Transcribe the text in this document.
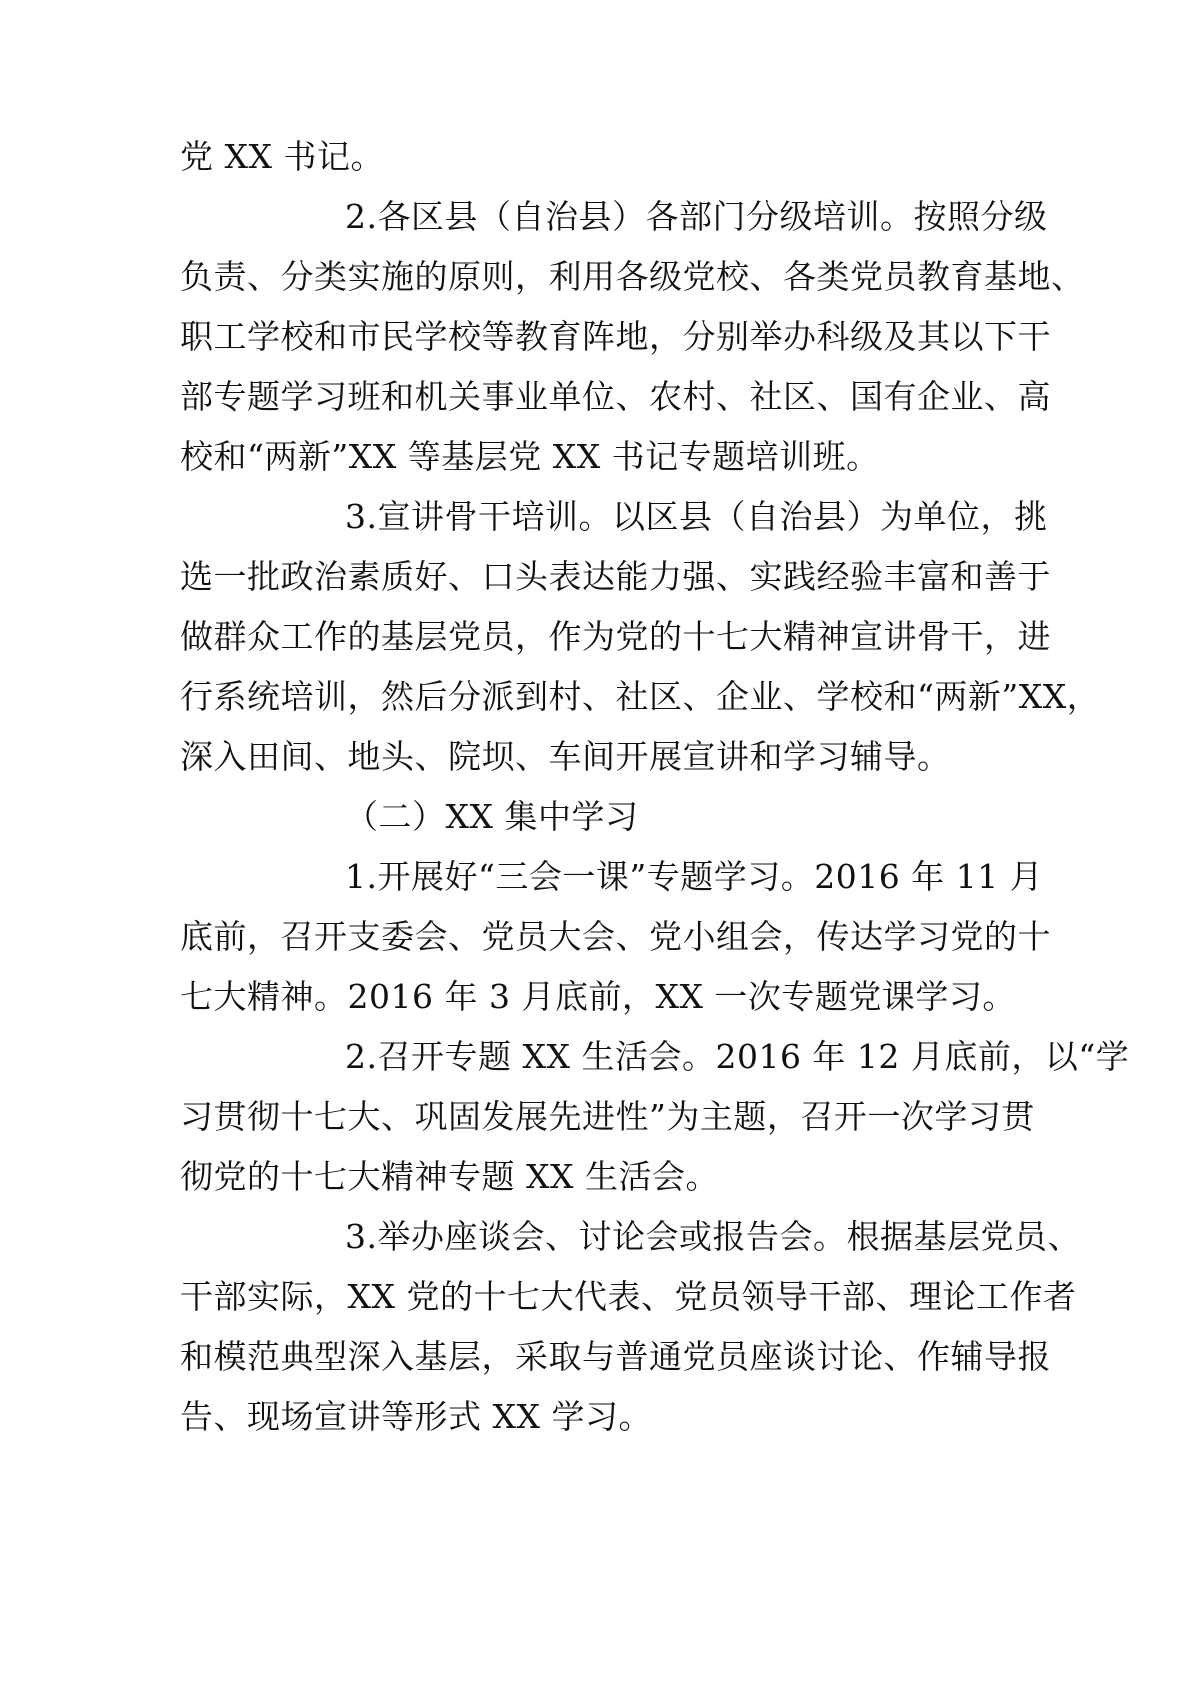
党 XX 书记。
2.各区县（自治县）各部门分级培训。按照分级
负责、分类实施的原则，利用各级党校、各类党员教育基地、
职工学校和市民学校等教育阵地，分别举办科级及其以下干
部专题学习班和机关事业单位、农村、社区、国有企业、高
校和“两新”XX 等基层党 XX 书记专题培训班。
3.宣讲骨干培训。以区县（自治县）为单位，挑
选一批政治素质好、口头表达能力强、实践经验丰富和善于
做群众工作的基层党员，作为党的十七大精神宣讲骨干，进
行系统培训，然后分派到村、社区、企业、学校和“两新”XX，
深入田间、地头、院坝、车间开展宣讲和学习辅导。
（二）XX 集中学习
1.开展好“三会一课”专题学习。2016 年 11 月
底前，召开支委会、党员大会、党小组会，传达学习党的十
七大精神。2016 年 3 月底前，XX 一次专题党课学习。
2.召开专题 XX 生活会。2016 年 12 月底前，以“学
习贯彻十七大、巩固发展先进性”为主题，召开一次学习贯
彻党的十七大精神专题 XX 生活会。
3.举办座谈会、讨论会或报告会。根据基层党员、
干部实际，XX 党的十七大代表、党员领导干部、理论工作者
和模范典型深入基层，采取与普通党员座谈讨论、作辅导报
告、现场宣讲等形式 XX 学习。
